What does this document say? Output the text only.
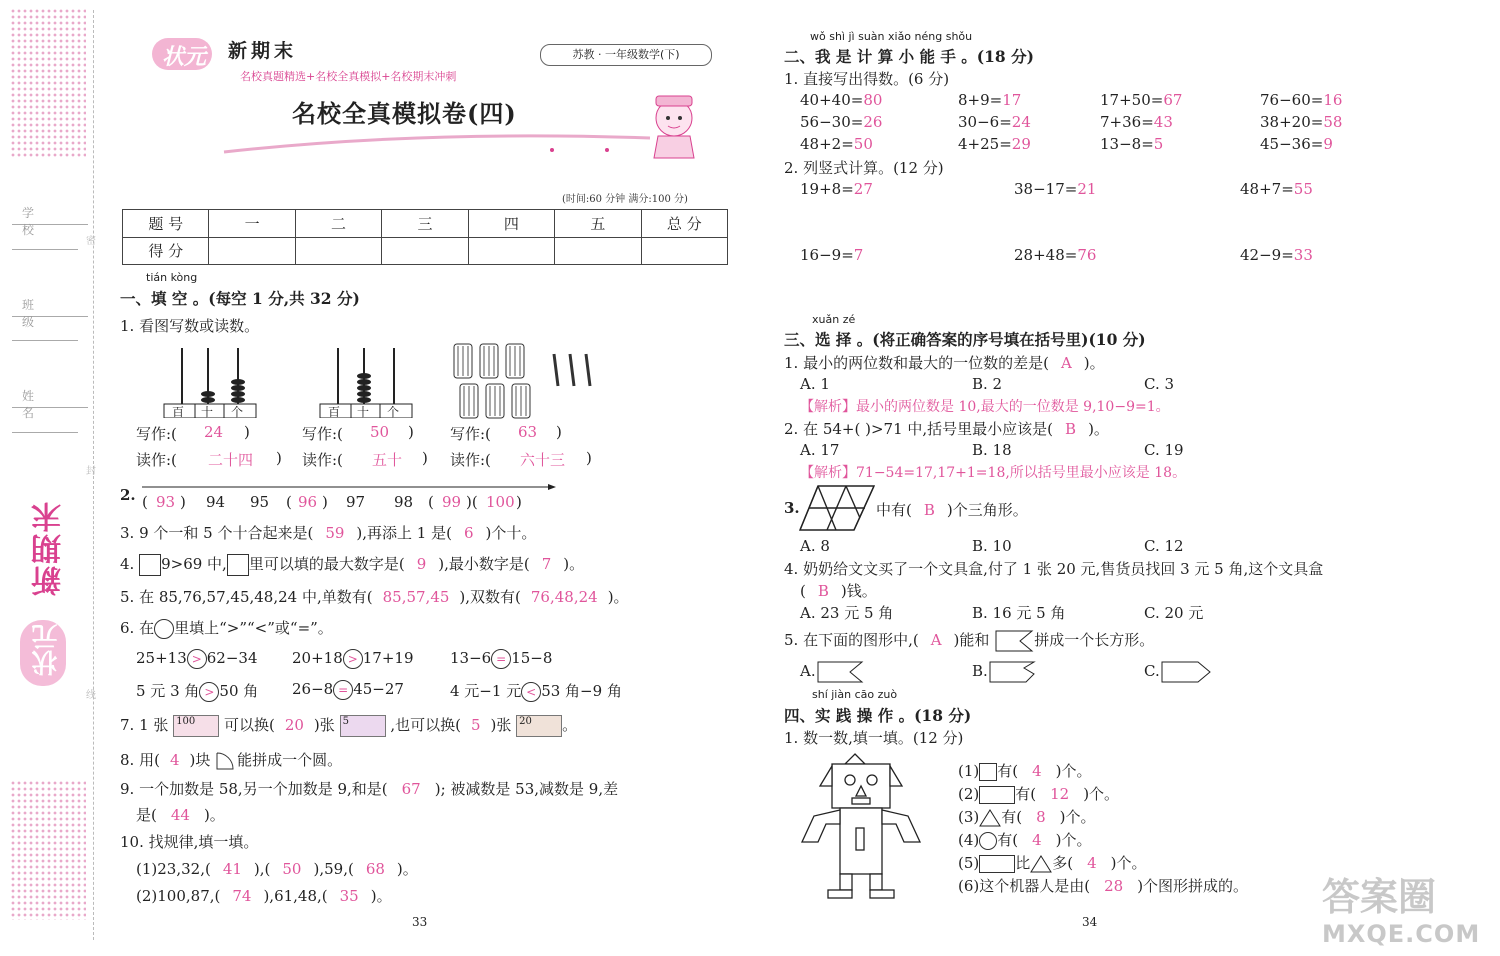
学 校
班 级
姓 名
密
封
线
新期末
状元
状元 新期末
名校真题精选+名校全真模拟+名校期末冲刺
苏教 · 一年级数学(下)
名校全真模拟卷(四)
(时间:60 分钟 满分:100 分)
题 号	一	二	三	四	五	总 分
得 分						
tián kòng
一、填 空 。(每空 1 分,共 32 分)
1. 看图写数或读数。
百 十 个	百 十 个
写作:( 24 )	写作:( 50 ) 写作:( 63 )
读作:( 二十四 ) 读作:( 五十 ) 读作:( 六十三 )
2. ( 93 ) 94 95 ( 96 ) 97 98 ( 99 )( 100 )
3. 9 个一和 5 个十合起来是( 59 ),再添上 1 是( 6 )个十。
4. 9>69 中, 里可以填的最大数字是( 9 ),最小数字是( 7 )。
5. 在 85,76,57,45,48,24 中,单数有( 85,57,45 ),双数有( 76,48,24 )。
6. 在 里填上“>”“<”或“=”。
25+13 > 62−34 20+18 > 17+19 13−6 = 15−8
5 元 3 角 > 50 角 26−8 = 45−27	4 元−1 元 < 53 角−9 角
7. 1 张 100 可以换( 20 )张 5	,也可以换( 5 )张 20 。
8. 用( 4 )块 能拼成一个圆。
9. 一个加数是 58,另一个加数是 9,和是( 67 ); 被减数是 53,减数是 9,差
是( 44 )。
10. 找规律,填一填。
(1)23,32,( 41 ),( 50 ),59,( 68 )。
(2)100,87,( 74 ),61,48,( 35 )。
33
wǒ shì jì suàn xiǎo néng shǒu
二、我 是 计 算 小 能 手 。(18 分)
1. 直接写出得数。(6 分)
40+40=80	8+9=17	17+50=67	76−60=16
56−30=26	30−6=24	7+36=43	38+20=58
48+2=50	4+25=29	13−8=5	45−36=9
2. 列竖式计算。(12 分)
19+8=27	38−17=21	48+7=55
16−9=7	28+48=76	42−9=33
xuǎn zé
三、选 择 。(将正确答案的序号填在括号里)(10 分)
1. 最小的两位数和最大的一位数的差是( A )。
A. 1	B. 2	C. 3
【解析】最小的两位数是 10,最大的一位数是 9,10−9=1。
2. 在 54+( )>71 中,括号里最小应该是( B )。
A. 17	B. 18	C. 19
【解析】71−54=17,17+1=18,所以括号里最小应该是 18。
3.	中有( B )个三角形。
A. 8	B. 10	C. 12
4. 奶奶给文文买了一个文具盒,付了 1 张 20 元,售货员找回 3 元 5 角,这个文具盒
( B )钱。
A. 23 元 5 角	B. 16 元 5 角	C. 20 元
5. 在下面的图形中,( A )能和	拼成一个长方形。
A.	B.	C.
shí jiàn cāo zuò
四、实 践 操 作 。(18 分)
1. 数一数,填一填。(12 分)
(1) 有( 4 )个。
(2) 有( 12 )个。
(3) 有( 8 )个。
(4) 有( 4 )个。
(5) 比 多( 4 )个。
(6)这个机器人是由( 28 )个图形拼成的。
34
答案圈
MXQE.COM
